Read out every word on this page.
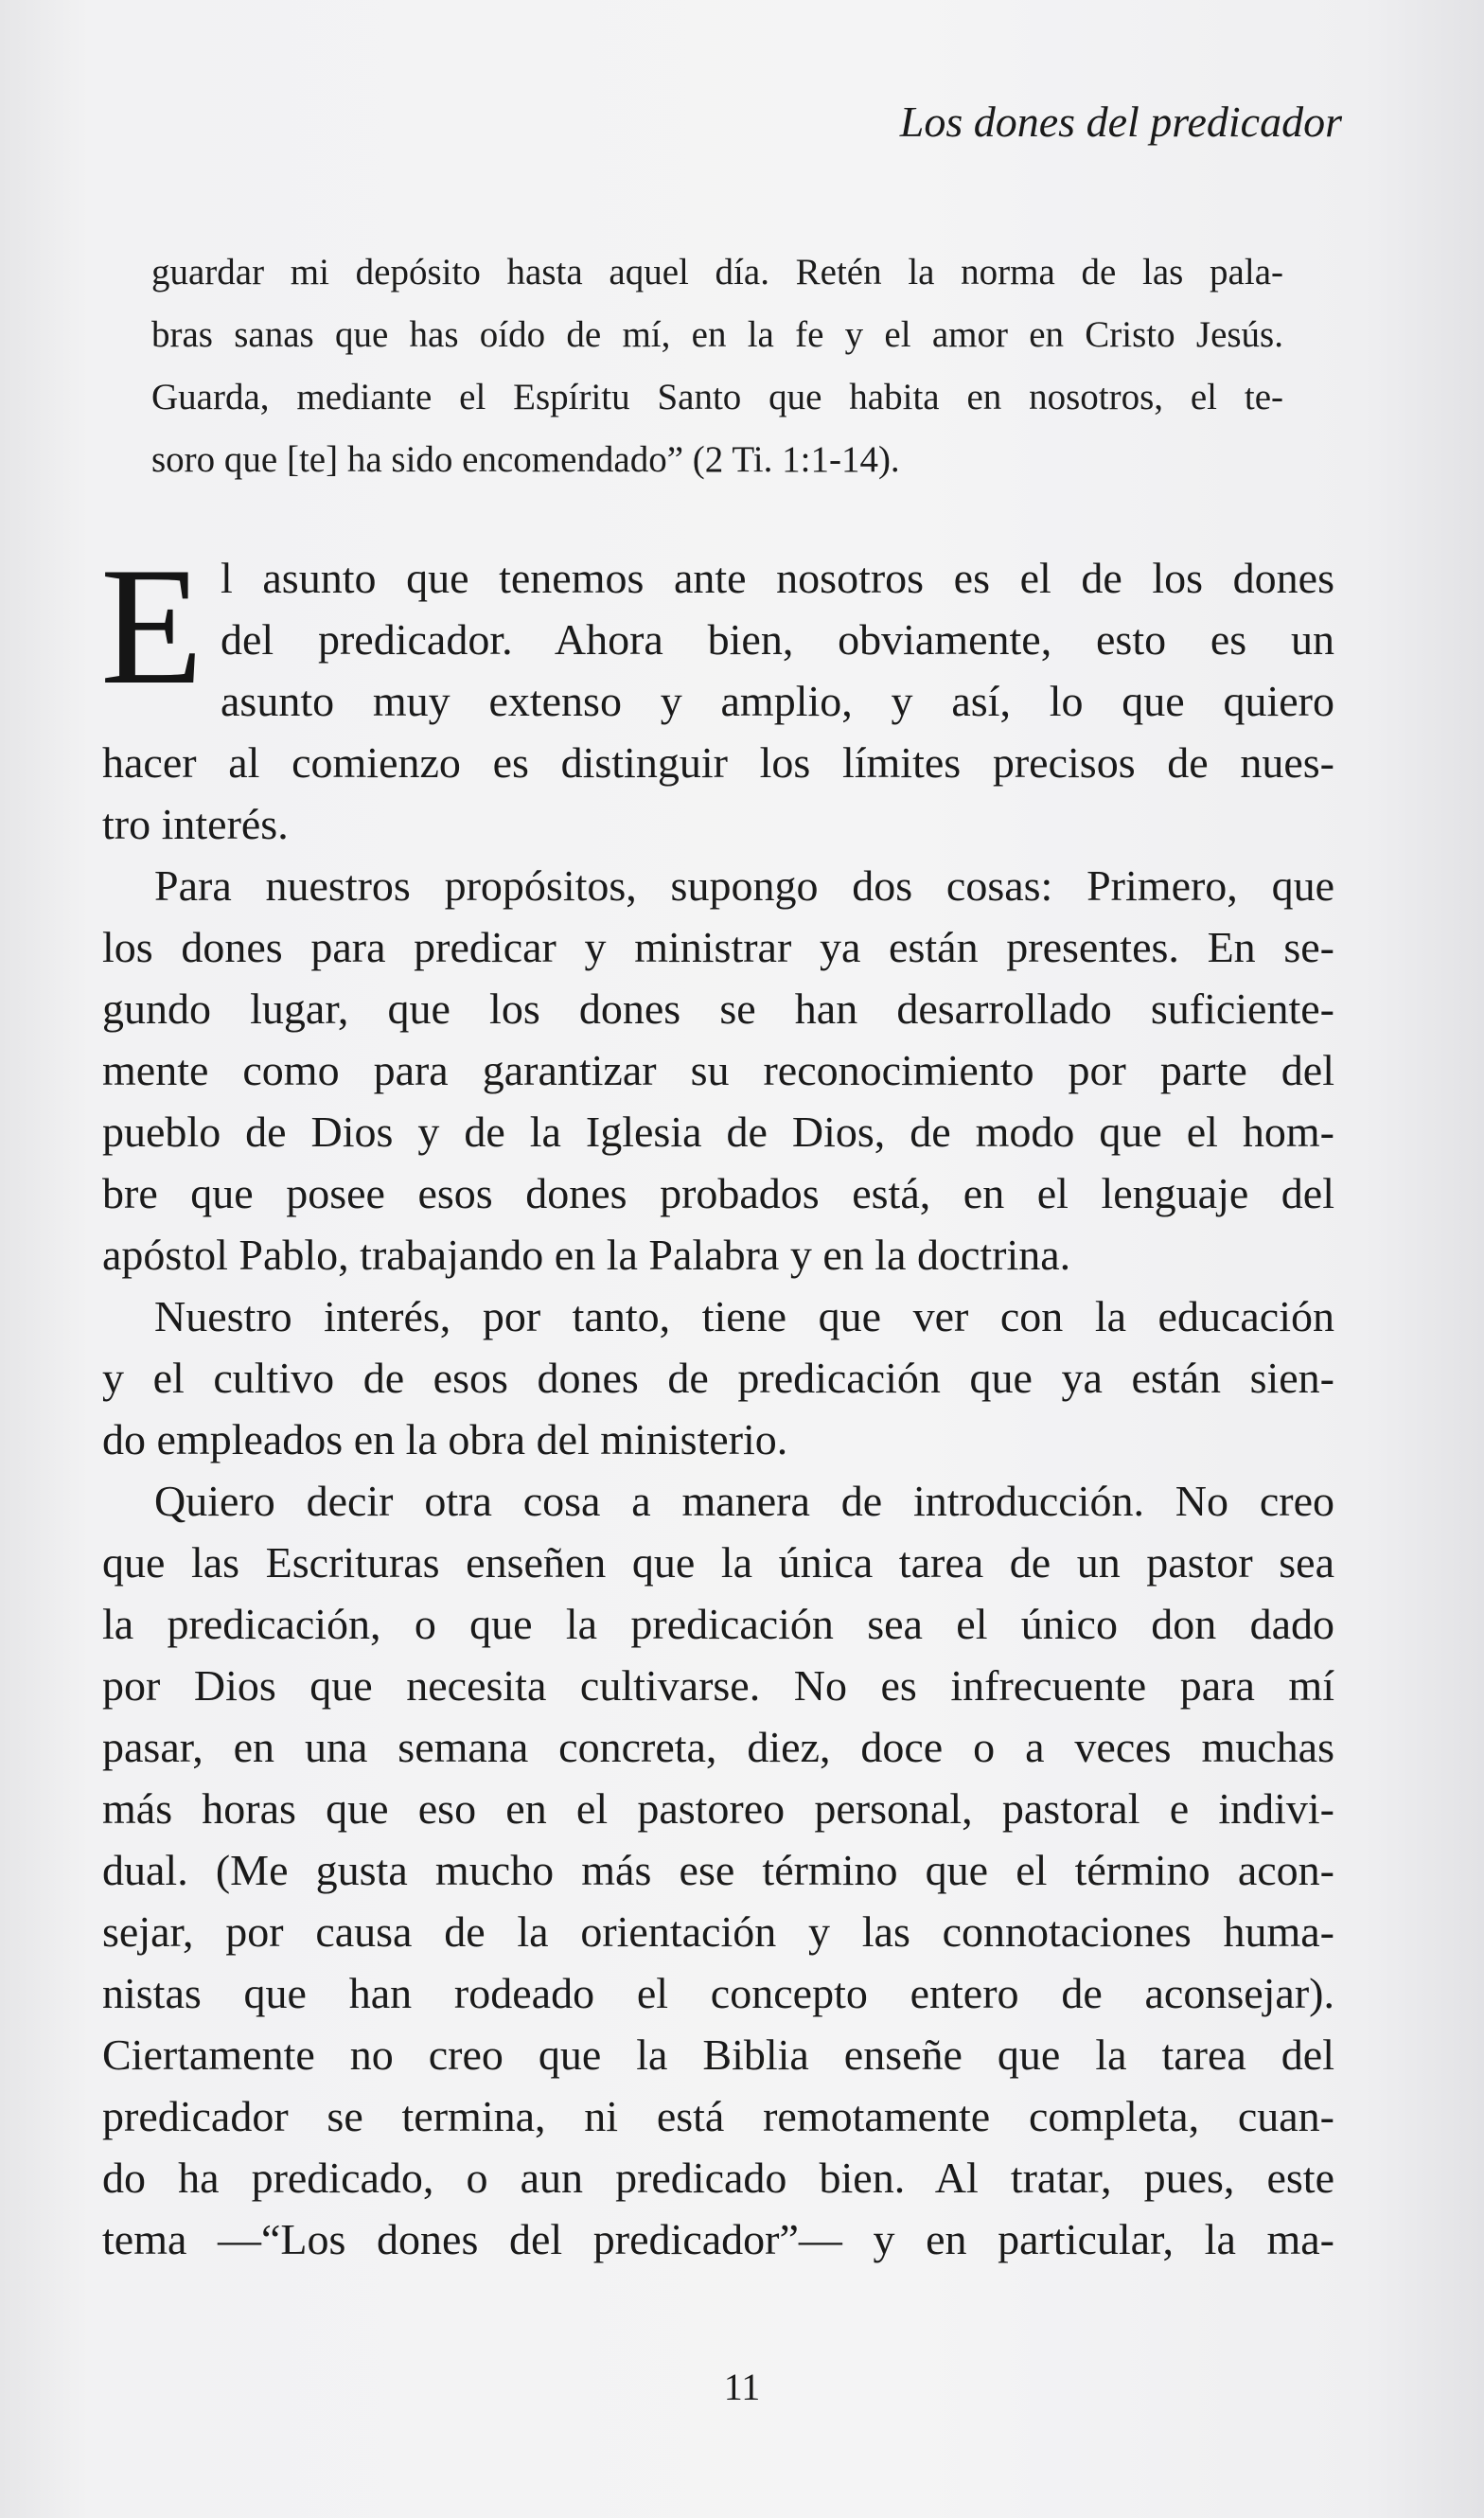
Los dones del predicador
guardar mi depósito hasta aquel día. Retén la norma de las pala-
bras sanas que has oído de mí, en la fe y el amor en Cristo Jesús.
Guarda, mediante el Espíritu Santo que habita en nosotros, el te-
soro que [te] ha sido encomendado” (2 Ti. 1:1-14).
E l asunto que tenemos ante nosotros es el de los dones
del predicador. Ahora bien, obviamente, esto es un
asunto muy extenso y amplio, y así, lo que quiero
hacer al comienzo es distinguir los límites precisos de nues-
tro interés.
Para nuestros propósitos, supongo dos cosas: Primero, que
los dones para predicar y ministrar ya están presentes. En se-
gundo lugar, que los dones se han desarrollado suficiente-
mente como para garantizar su reconocimiento por parte del
pueblo de Dios y de la Iglesia de Dios, de modo que el hom-
bre que posee esos dones probados está, en el lenguaje del
apóstol Pablo, trabajando en la Palabra y en la doctrina.
Nuestro interés, por tanto, tiene que ver con la educación
y el cultivo de esos dones de predicación que ya están sien-
do empleados en la obra del ministerio.
Quiero decir otra cosa a manera de introducción. No creo
que las Escrituras enseñen que la única tarea de un pastor sea
la predicación, o que la predicación sea el único don dado
por Dios que necesita cultivarse. No es infrecuente para mí
pasar, en una semana concreta, diez, doce o a veces muchas
más horas que eso en el pastoreo personal, pastoral e indivi-
dual. (Me gusta mucho más ese término que el término acon-
sejar, por causa de la orientación y las connotaciones huma-
nistas que han rodeado el concepto entero de aconsejar).
Ciertamente no creo que la Biblia enseñe que la tarea del
predicador se termina, ni está remotamente completa, cuan-
do ha predicado, o aun predicado bien. Al tratar, pues, este
tema —“Los dones del predicador”— y en particular, la ma-
11
